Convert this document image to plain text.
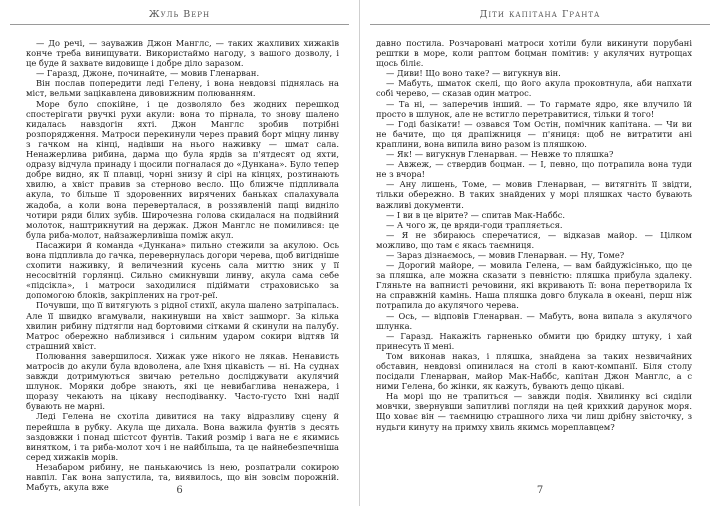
Жуль Верн

— До речі, — зауважив Джон Манглс, — таких жахливих хижаків конче треба винищувати. Використаймо нагоду, з вашого дозволу, і це буде й захвате видовище і добре діло заразом.

— Гаразд, Джоне, починайте, — мовив Гленарван.

Він послав попередити леді Гелену, і вона невдовзі піднялась на міст, вельми зацікавлена дивовижним полюванням.

Море було спокійне, і це дозволяло без жодних перешкод спостерігати рвучкі рухи акули: вона то пірнала, то знову шалено кидалась навздогін яхті. Джон Манглс зробив потрібні розпорядження. Матроси перекинули через правий борт міцну линву з гачком на кінці, надівши на нього наживку — шмат сала. Ненажерлива рибина, дарма що була ярдів за п'ятдесят од яхти, одразу відчула принаду і щосили погналася до «Дункана». Було тепер добре видно, як її плавці, чорні знизу й сірі на кінцях, розтинають хвилю, а хвіст правив за стерново весло. Що ближче підпливала акула, то більше її здоровенних вирячених баньках спалахувала жадоба, а коли вона переверталася, в роззявленій пащі видніло чотири ряди білих зубів. Широчезна голова скидалася на подвійний молоток, наштрикнутий на держак. Джон Манглс не помилився: це була риба-молот, найзажерливіша поміж акул.

Пасажири й команда «Дункана» пильно стежили за акулою. Ось вона підпливла до гачка, перевернулась догори черева, щоб вигідніше схопити наживку, й величезний кусень сала миттю зник у її несосвітній горлянці. Сильно смикнувши линву, акула сама себе «підсікла», і матроси заходилися підіймати страховисько за допомогою блоків, закріплених на грот-реї.

Почувши, що її витягують з рідної стихії, акула шалено затріпалась. Але її швидко вгамували, накинувши на хвіст зашморг. За кілька хвилин рибину підтягли над бортовими сітками й скинули на палубу. Матрос обережно наблизився і сильним ударом сокири відтяв їй страшний хвіст.

Полювання завершилося. Хижак уже нікого не лякав. Ненависть матросів до акули була вдоволена, але їхня цікавість — ні. На суднах завжди дотримуються звичаю ретельно досліджувати акулячий шлунок. Моряки добре знають, які це невибаглива ненажера, і щоразу чекають на цікаву несподіванку. Часто-густо їхні надії бувають не марні.

Леді Гелена не схотіла дивитися на таку відразливу сцену й перейшла в рубку. Акула ще дихала. Вона важила фунтів з десять заздовжки і понад шістсот фунтів. Такий розмір і вага не є якимись винятком, і та риба-молот хоч і не найбільша, та це найнебезпечніша серед хижаків морів.

Незабаром рибину, не панькаючись із нею, розпатрали сокирою навпіл. Гак вона запустила, та, виявилось, що він зовсім порожній. Мабуть, акула вже	6
Діти капітана Гранта

давно постила. Розчаровані матроси хотіли були викинути порубані рештки в море, коли раптом боцман помітив: у акулячих нутрощах щось біліє.

— Диви! Що воно таке? — вигукнув він.

— Мабуть, шматок скелі, що його акула проковтнула, аби напхати собі черево, — сказав один матрос.

— Та ні, — заперечив інший. — То гармате ядро, яке влучило їй просто в шлунок, але не встигло перетравитися, тільки й того!

— Годі базікати! — озвався Том Остін, помічник капітана. — Чи ви не бачите, що ця драпіжниця — п'яниця: щоб не витратити ані краплини, вона випила вино разом із пляшкою.

— Як! — вигукнув Гленарван. — Невже то пляшка?

— Авжеж, — ствердив боцман. — І, певно, що потрапила вона туди не з вчора!

— Ану лишень, Томе, — мовив Гленарван, — витягніть її звідти, тільки обережно. В таких знайдених у морі пляшках часто бувають важливі документи.

— І ви в це вірите? — спитав Мак-Наббс.

— А чого ж, це вряди-годи трапляється.

— Я не збираюсь сперечатися, — відказав майор. — Цілком можливо, що там є якась таємниця.

— Зараз дізнаємось, — мовив Гленарван. — Ну, Томе?

— Дорогий майоре, — мовила Гелена, — вам байдужісінько, що це за пляшка, але можна сказати з певністю: пляшка прибула здалеку. Гляньте на вапнисті речовини, які вкривають її: вона перетворила їх на справжній камінь. Наша пляшка довго блукала в океані, перш ніж потрапила до акулячого черева.

— Ось, — відповів Гленарван. — Мабуть, вона випала з акулячого шлунка.

— Гаразд. Накажіть гарненько обмити цю бридку штуку, і хай принесуть її мені.

Том виконав наказ, і пляшка, знайдена за таких незвичайних обставин, невдовзі опинилася на столі в кают-компанії. Біля столу посідали Гленарван, майор Мак-Наббс, капітан Джон Манглс, а с ними Гелена, бо жінки, як кажуть, бувають дещо цікаві.

На морі що не трапиться — завжди подія. Хвилинку всі сиділи мовчки, звернувши запитливі погляди на цей крихкий дарунок моря. Що ховає він — таємницю страшного лиха чи лиш дрібну звісточку, з нудьги кинуту на примху хвиль якимсь мореплавцем?

7
